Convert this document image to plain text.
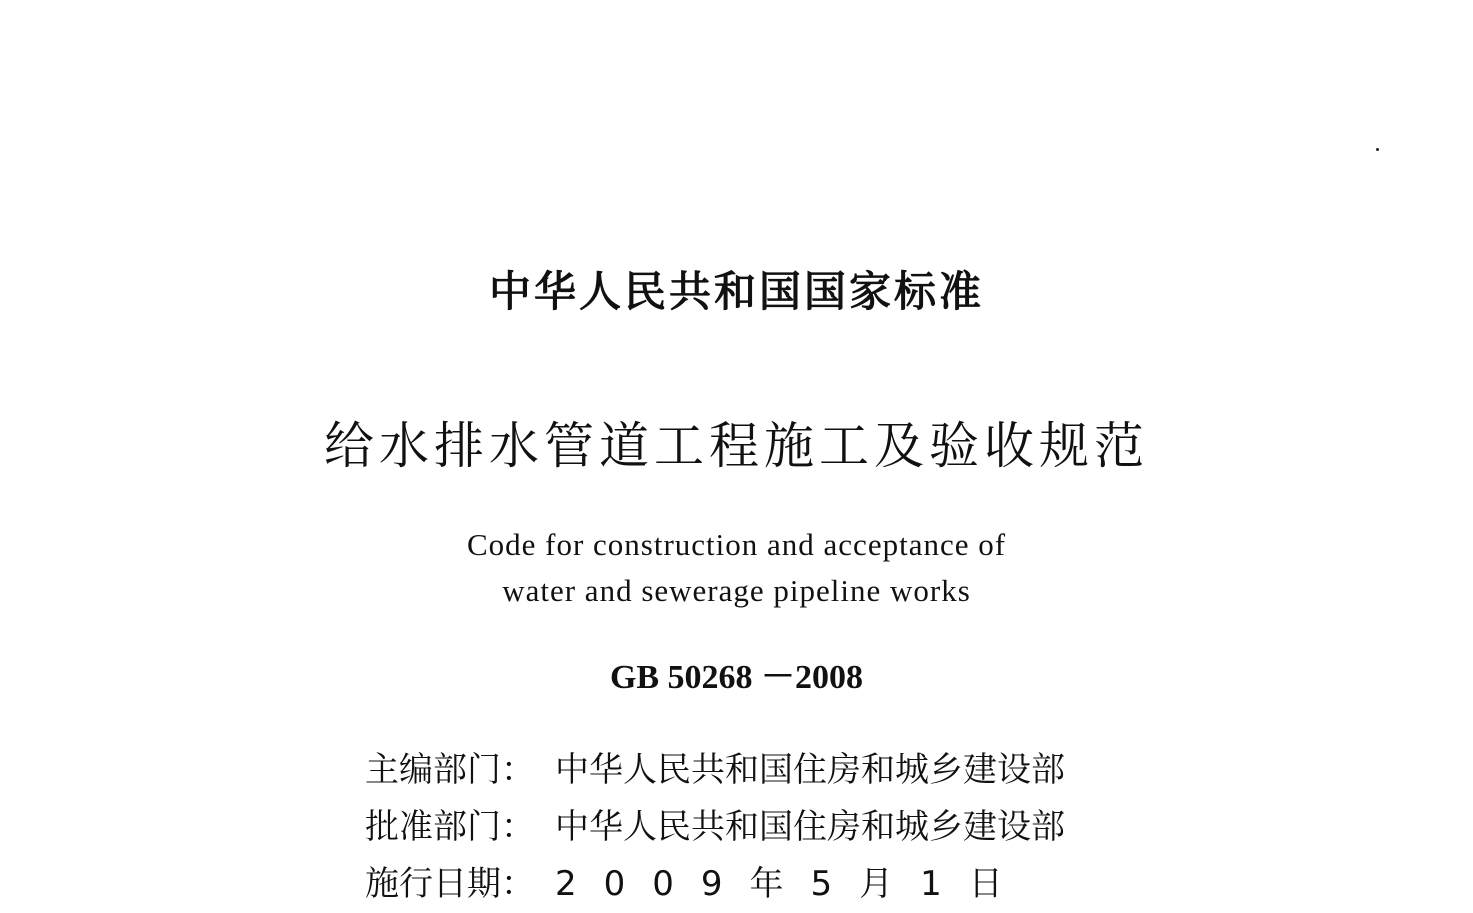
中华人民共和国国家标准
给水排水管道工程施工及验收规范
Code for construction and acceptance of
water and sewerage pipeline works
GB 50268 －2008
主编部门： 中华人民共和国住房和城乡建设部
批准部门： 中华人民共和国住房和城乡建设部
施行日期： 2009年5月1日
